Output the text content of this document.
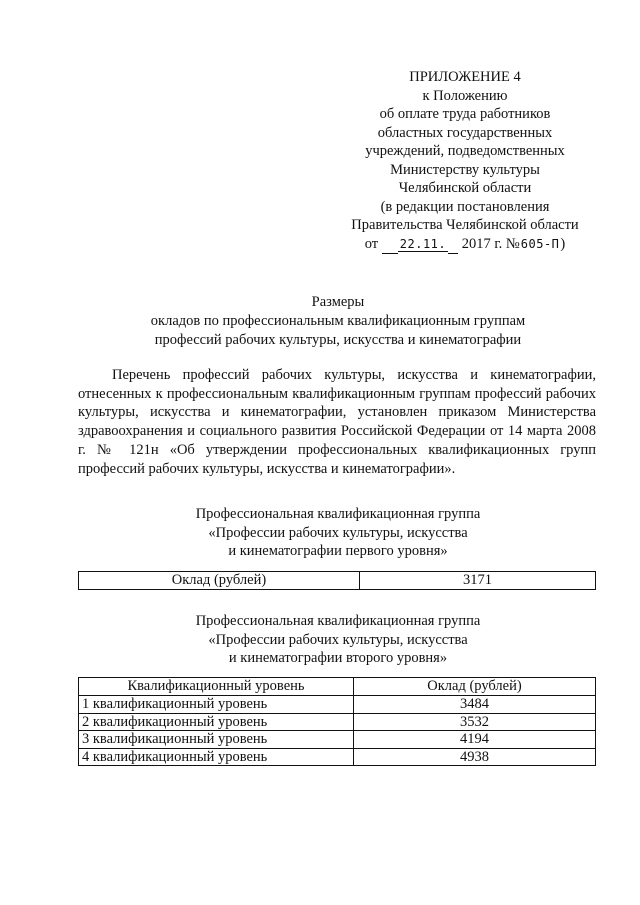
ПРИЛОЖЕНИЕ 4
к Положению
об оплате труда работников
областных государственных
учреждений, подведомственных
Министерству культуры
Челябинской области
(в редакции постановления
Правительства Челябинской области
от 22.11. 2017 г. №605-П)
Размеры
окладов по профессиональным квалификационным группам
профессий рабочих культуры, искусства и кинематографии
Перечень профессий рабочих культуры, искусства и кинематографии, отнесенных к профессиональным квалификационным группам профессий рабочих культуры, искусства и кинематографии, установлен приказом Министерства здравоохранения и социального развития Российской Федерации от 14 марта 2008 г. № 121н «Об утверждении профессиональных квалификационных групп профессий рабочих культуры, искусства и кинематографии».
Профессиональная квалификационная группа
«Профессии рабочих культуры, искусства
и кинематографии первого уровня»
Оклад (рублей)	3171
Профессиональная квалификационная группа
«Профессии рабочих культуры, искусства
и кинематографии второго уровня»
Квалификационный уровень	Оклад (рублей)
1 квалификационный уровень	3484
2 квалификационный уровень	3532
3 квалификационный уровень	4194
4 квалификационный уровень	4938
